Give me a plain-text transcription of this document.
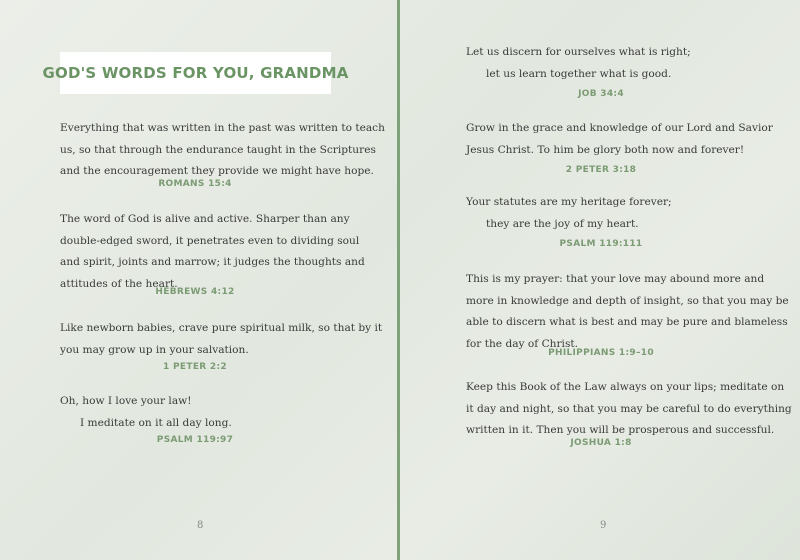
GOD'S WORDS FOR YOU, GRANDMA

Everything that was written in the past was written to teach

us, so that through the endurance taught in the Scriptures

and the encouragement they provide we might have hope.

ROMANS 15:4

The word of God is alive and active. Sharper than any

double-edged sword, it penetrates even to dividing soul

and spirit, joints and marrow; it judges the thoughts and

attitudes of the heart.

HEBREWS 4:12

Like newborn babies, crave pure spiritual milk, so that by it

you may grow up in your salvation.

1 PETER 2:2

Oh, how I love your law!

I meditate on it all day long.

PSALM 119:97
8

Let us discern for ourselves what is right;

let us learn together what is good.

JOB 34:4

Grow in the grace and knowledge of our Lord and Savior

Jesus Christ. To him be glory both now and forever!

2 PETER 3:18

Your statutes are my heritage forever;

they are the joy of my heart.

PSALM 119:111

This is my prayer: that your love may abound more and

more in knowledge and depth of insight, so that you may be

able to discern what is best and may be pure and blameless

for the day of Christ.

PHILIPPIANS 1:9–10

Keep this Book of the Law always on your lips; meditate on

it day and night, so that you may be careful to do everything

written in it. Then you will be prosperous and successful.

JOSHUA 1:8
9
